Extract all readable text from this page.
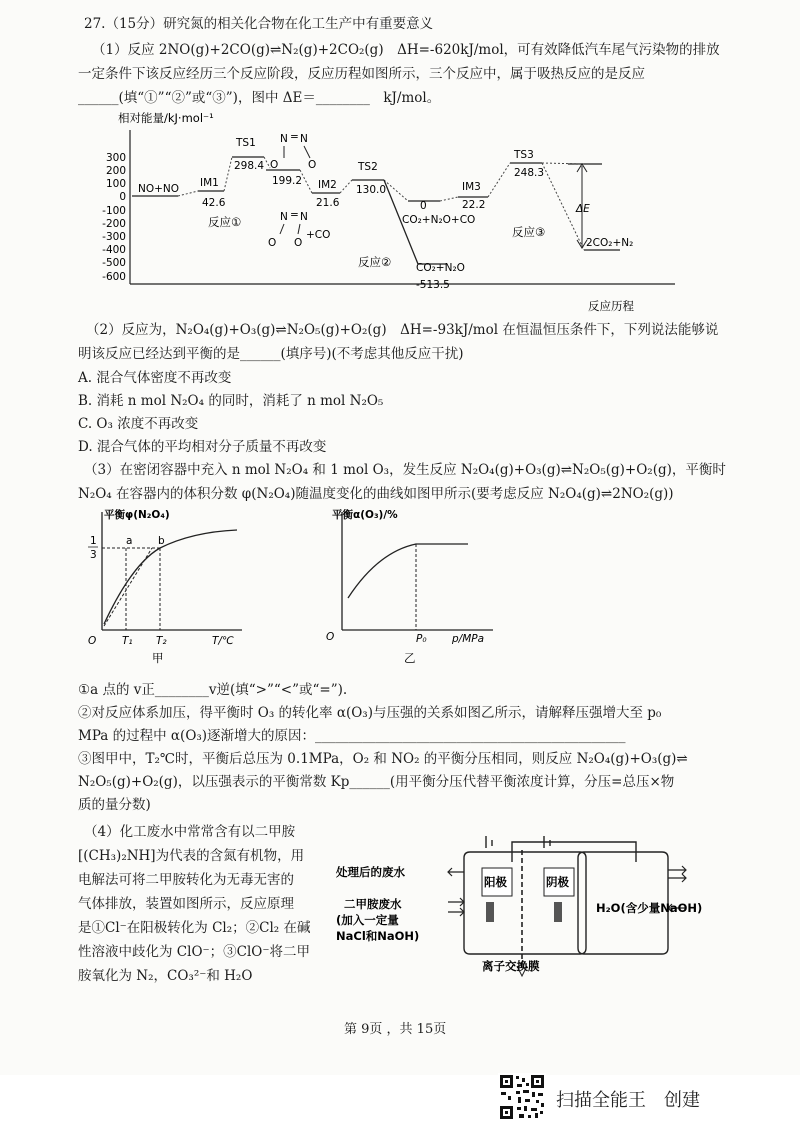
27.（15分）研究氮的相关化合物在化工生产中有重要意义
（1）反应 2NO(g)+2CO(g)⇌N₂(g)+2CO₂(g)　ΔH=-620kJ/mol，可有效降低汽车尾气污染物的排放
一定条件下该反应经历三个反应阶段，反应历程如图所示，三个反应中，属于吸热反应的是反应
______(填“①”“②”或“③”)，图中 ΔE＝________　kJ/mol。
相对能量/kJ·mol⁻¹
300
200
100
0
-100
-200
-300
-400
-500
-600
NO+NO IM1
42.6
TS1
298.4
199.2 IM2
21.6
TS2
130.0
0
IM3
22.2
TS3
248.3
CO₂+N₂O+CO
CO₂+N₂O
-513.5
2CO₂+N₂
ΔE
N N
=
O	O
N N
=
O O
+CO
反应①
反应②
反应③
反应历程
（2）反应为，N₂O₄(g)+O₃(g)⇌N₂O₅(g)+O₂(g)　ΔH=-93kJ/mol 在恒温恒压条件下，下列说法能够说
明该反应已经达到平衡的是______(填序号)(不考虑其他反应干扰)
A. 混合气体密度不再改变
B. 消耗 n mol N₂O₄ 的同时，消耗了 n mol N₂O₅
C. O₃ 浓度不再改变
D. 混合气体的平均相对分子质量不再改变
（3）在密闭容器中充入 n mol N₂O₄ 和 1 mol O₃，发生反应 N₂O₄(g)+O₃(g)⇌N₂O₅(g)+O₂(g)，平衡时
N₂O₄ 在容器内的体积分数 φ(N₂O₄)随温度变化的曲线如图甲所示(要考虑反应 N₂O₄(g)⇌2NO₂(g))
平衡φ(N₂O₄)
T/℃
O
1
3
a b
T₁ T₂
甲
平衡α(O₃)/%
p/MPa
O	P₀
乙
①a 点的 v正________v逆(填“>”“<”或“=”).
②对反应体系加压，得平衡时 O₃ 的转化率 α(O₃)与压强的关系如图乙所示，请解释压强增大至 p₀
MPa 的过程中 α(O₃)逐渐增大的原因：______________________________________________
③图甲中，T₂℃时，平衡后总压为 0.1MPa，O₂ 和 NO₂ 的平衡分压相同，则反应 N₂O₄(g)+O₃(g)⇌
N₂O₅(g)+O₂(g)，以压强表示的平衡常数 Kp______(用平衡分压代替平衡浓度计算，分压=总压×物
质的量分数)
（4）化工废水中常常含有以二甲胺
[(CH₃)₂NH]为代表的含氮有机物，用
电解法可将二甲胺转化为无毒无害的
气体排放，装置如图所示，反应原理
是①Cl⁻在阳极转化为 Cl₂；②Cl₂ 在碱
性溶液中歧化为 ClO⁻；③ClO⁻将二甲
胺氧化为 N₂，CO₃²⁻和 H₂O
阳极	阴极
处理后的废水
二甲胺废水
(加入一定量
NaCl和NaOH)
H₂O(含少量NaOH)
离子交换膜
第 9页 ，共 15页
扫描全能王　创建
